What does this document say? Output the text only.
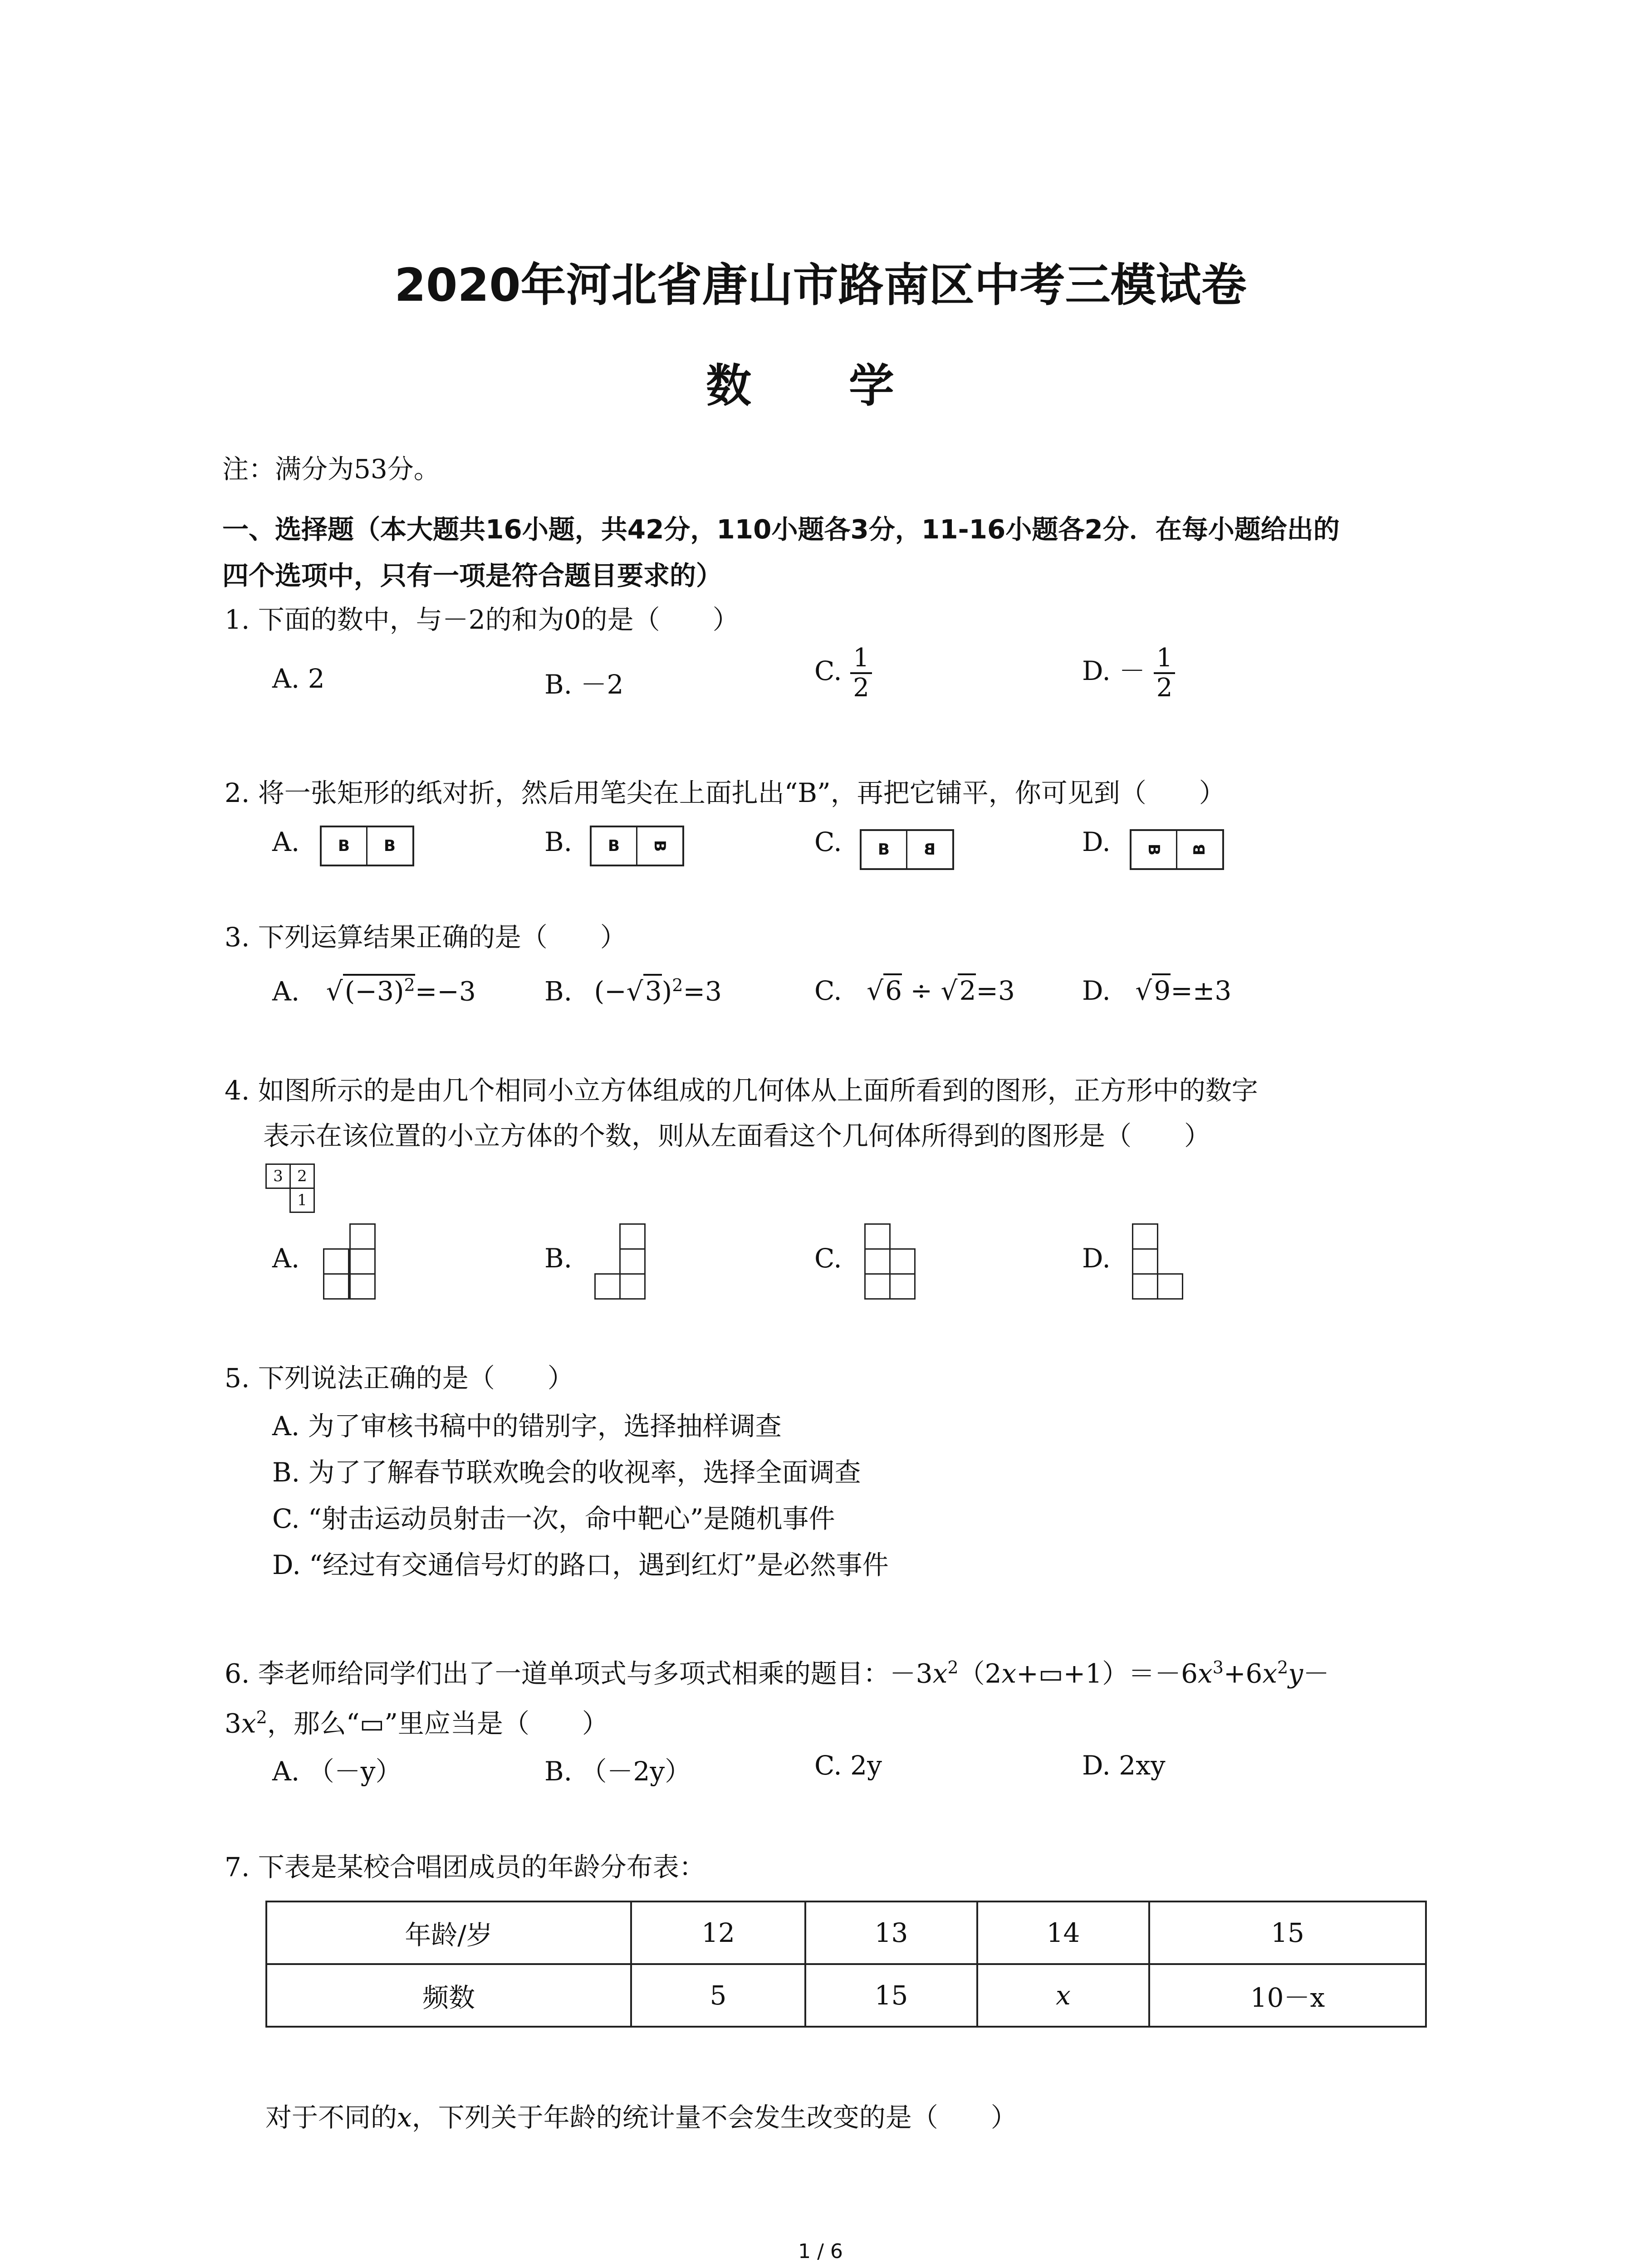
2020年河北省唐山市路南区中考三模试卷
数 学
注：满分为53分。
一、选择题（本大题共16小题，共42分，110小题各3分，11-16小题各2分．在每小题给出的
四个选项中，只有一项是符合题目要求的）
1. 下面的数中，与－2的和为0的是（　　）
A. 2	B. －2	C. $\frac{1}{2}$	D. － $\frac{1}{2}$
2. 将一张矩形的纸对折，然后用笔尖在上面扎出“B”，再把它铺平，你可见到（　　）
A.	B	B	B.	B	B	C.	B	B	D.	B	B
3. 下列运算结果正确的是（　　）
A. $√(-3)^2=-3$	B. $(-√3)^2=3$	C. √6 ÷ √2=3	D. √9=±3
4. 如图所示的是由几个相同小立方体组成的几何体从上面所看到的图形，正方形中的数字
表示在该位置的小立方体的个数，则从左面看这个几何体所得到的图形是（　　）
3 2
1
A.	B.	C.	D.
5. 下列说法正确的是（　　）
A. 为了审核书稿中的错别字，选择抽样调查
B. 为了了解春节联欢晚会的收视率，选择全面调查
C. “射击运动员射击一次，命中靶心”是随机事件
D. “经过有交通信号灯的路口，遇到红灯”是必然事件
6. 李老师给同学们出了一道单项式与多项式相乘的题目：$-3x^2(2x+▭+1)=-6x^3+6x^2y-$
$3x^2$，那么“▭”里应当是（　　）
A. （－y）	B. （－2y）	C. 2y	D. 2xy
7. 下表是某校合唱团成员的年龄分布表：
年龄/岁	12	13	14	15
频数	5	15	x	10－x
对于不同的x，下列关于年龄的统计量不会发生改变的是（　　）
1 / 6
